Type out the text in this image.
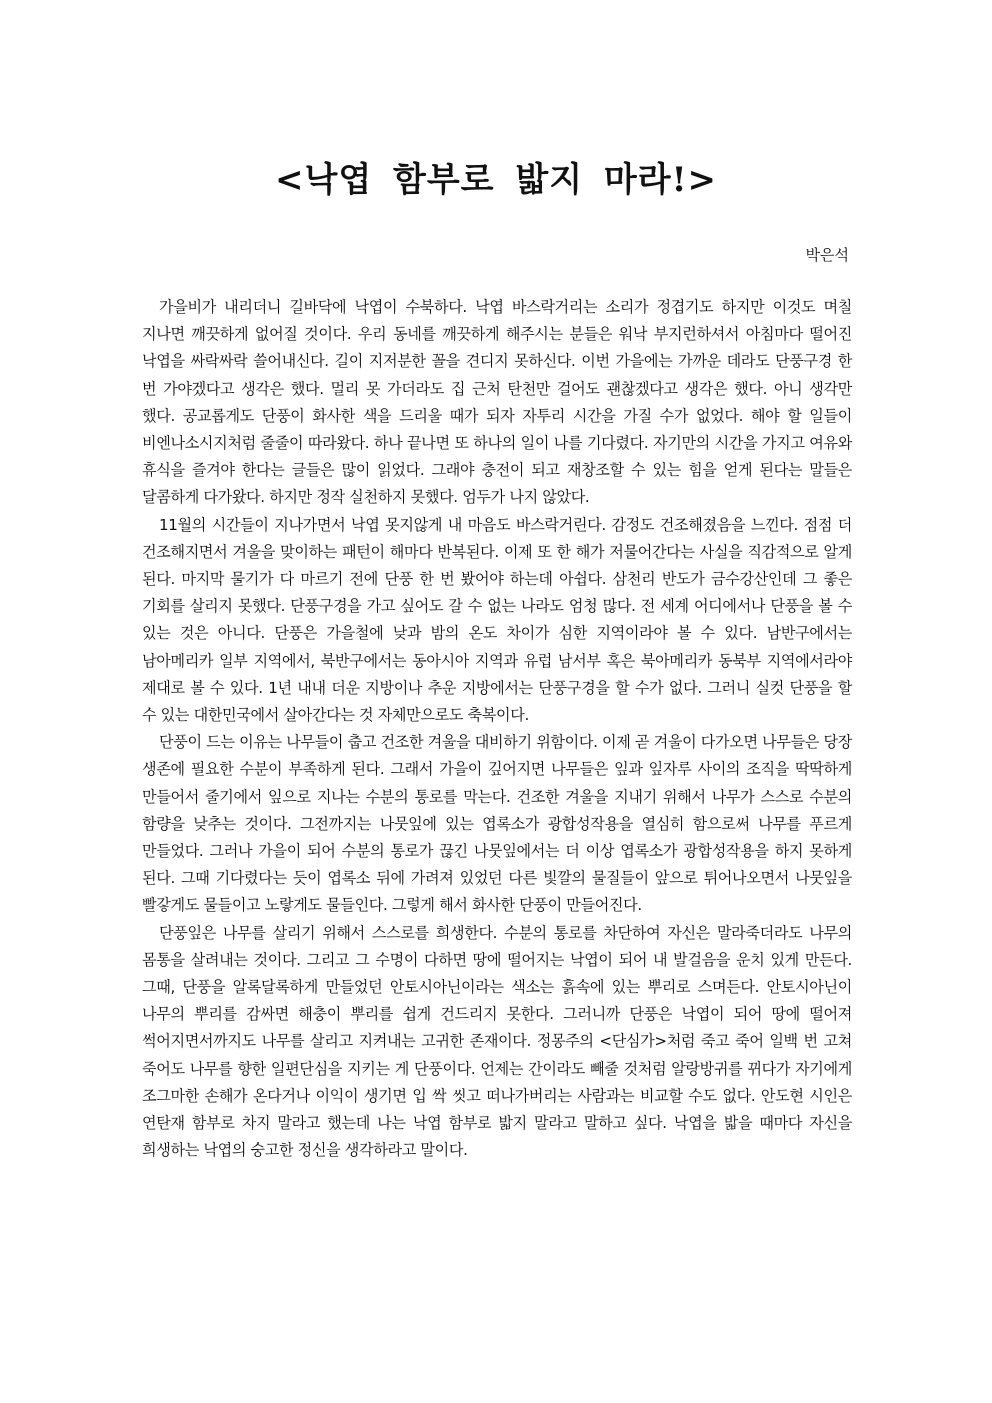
<낙엽 함부로 밟지 마라!>

박은석

가을비가 내리더니 길바닥에 낙엽이 수북하다. 낙엽 바스락거리는 소리가 정겹기도 하지만 이것도 며칠 지나면 깨끗하게 없어질 것이다. 우리 동네를 깨끗하게 해주시는 분들은 워낙 부지런하셔서 아침마다 떨어진 낙엽을 싸락싸락 쓸어내신다. 길이 지저분한 꼴을 견디지 못하신다. 이번 가을에는 가까운 데라도 단풍구경 한 번 가야겠다고 생각은 했다. 멀리 못 가더라도 집 근처 탄천만 걸어도 괜찮겠다고 생각은 했다. 아니 생각만 했다. 공교롭게도 단풍이 화사한 색을 드리울 때가 되자 자투리 시간을 가질 수가 없었다. 해야 할 일들이 비엔나소시지처럼 줄줄이 따라왔다. 하나 끝나면 또 하나의 일이 나를 기다렸다. 자기만의 시간을 가지고 여유와 휴식을 즐겨야 한다는 글들은 많이 읽었다. 그래야 충전이 되고 재창조할 수 있는 힘을 얻게 된다는 말들은 달콤하게 다가왔다. 하지만 정작 실천하지 못했다. 엄두가 나지 않았다.

11월의 시간들이 지나가면서 낙엽 못지않게 내 마음도 바스락거린다. 감정도 건조해졌음을 느낀다. 점점 더 건조해지면서 겨울을 맞이하는 패턴이 해마다 반복된다. 이제 또 한 해가 저물어간다는 사실을 직감적으로 알게 된다. 마지막 물기가 다 마르기 전에 단풍 한 번 봤어야 하는데 아쉽다. 삼천리 반도가 금수강산인데 그 좋은 기회를 살리지 못했다. 단풍구경을 가고 싶어도 갈 수 없는 나라도 엄청 많다. 전 세계 어디에서나 단풍을 볼 수 있는 것은 아니다. 단풍은 가을철에 낮과 밤의 온도 차이가 심한 지역이라야 볼 수 있다. 남반구에서는 남아메리카 일부 지역에서, 북반구에서는 동아시아 지역과 유럽 남서부 혹은 북아메리카 동북부 지역에서라야 제대로 볼 수 있다. 1년 내내 더운 지방이나 추운 지방에서는 단풍구경을 할 수가 없다. 그러니 실컷 단풍을 할 수 있는 대한민국에서 살아간다는 것 자체만으로도 축복이다.

단풍이 드는 이유는 나무들이 춥고 건조한 겨울을 대비하기 위함이다. 이제 곧 겨울이 다가오면 나무들은 당장 생존에 필요한 수분이 부족하게 된다. 그래서 가을이 깊어지면 나무들은 잎과 잎자루 사이의 조직을 딱딱하게 만들어서 줄기에서 잎으로 지나는 수분의 통로를 막는다. 건조한 겨울을 지내기 위해서 나무가 스스로 수분의 함량을 낮추는 것이다. 그전까지는 나뭇잎에 있는 엽록소가 광합성작용을 열심히 함으로써 나무를 푸르게 만들었다. 그러나 가을이 되어 수분의 통로가 끊긴 나뭇잎에서는 더 이상 엽록소가 광합성작용을 하지 못하게 된다. 그때 기다렸다는 듯이 엽록소 뒤에 가려져 있었던 다른 빛깔의 물질들이 앞으로 튀어나오면서 나뭇잎을 빨갛게도 물들이고 노랗게도 물들인다. 그렇게 해서 화사한 단풍이 만들어진다.

단풍잎은 나무를 살리기 위해서 스스로를 희생한다. 수분의 통로를 차단하여 자신은 말라죽더라도 나무의 몸통을 살려내는 것이다. 그리고 그 수명이 다하면 땅에 떨어지는 낙엽이 되어 내 발걸음을 운치 있게 만든다. 그때, 단풍을 알록달록하게 만들었던 안토시아닌이라는 색소는 흙속에 있는 뿌리로 스며든다. 안토시아닌이 나무의 뿌리를 감싸면 해충이 뿌리를 쉽게 건드리지 못한다. 그러니까 단풍은 낙엽이 되어 땅에 떨어져 썩어지면서까지도 나무를 살리고 지켜내는 고귀한 존재이다. 정몽주의 <단심가>처럼 죽고 죽어 일백 번 고쳐 죽어도 나무를 향한 일편단심을 지키는 게 단풍이다. 언제는 간이라도 빼줄 것처럼 알랑방귀를 뀌다가 자기에게 조그마한 손해가 온다거나 이익이 생기면 입 싹 씻고 떠나가버리는 사람과는 비교할 수도 없다. 안도현 시인은 연탄재 함부로 차지 말라고 했는데 나는 낙엽 함부로 밟지 말라고 말하고 싶다. 낙엽을 밟을 때마다 자신을 희생하는 낙엽의 숭고한 정신을 생각하라고 말이다.
